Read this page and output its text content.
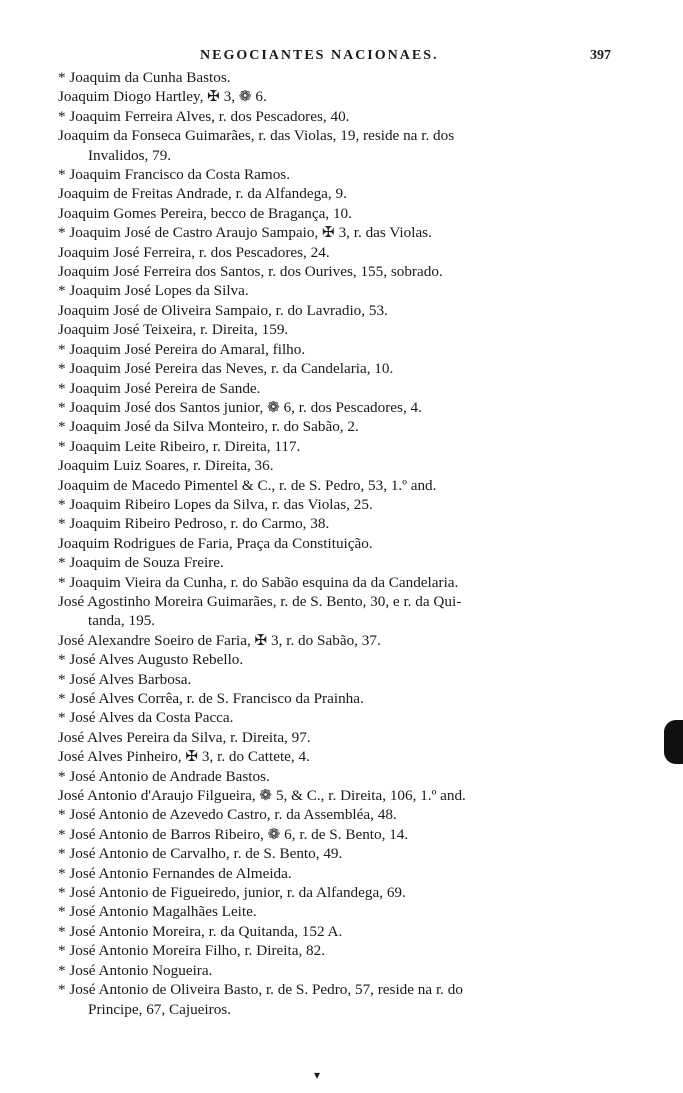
NEGOCIANTES NACIONAES.	397
* Joaquim da Cunha Bastos.
Joaquim Diogo Hartley, ✠ 3, ❁ 6.
* Joaquim Ferreira Alves, r. dos Pescadores, 40.
Joaquim da Fonseca Guimarães, r. das Violas, 19, reside na r. dos
Invalidos, 79.
* Joaquim Francisco da Costa Ramos.
Joaquim de Freitas Andrade, r. da Alfandega, 9.
Joaquim Gomes Pereira, becco de Bragança, 10.
* Joaquim José de Castro Araujo Sampaio, ✠ 3, r. das Violas.
Joaquim José Ferreira, r. dos Pescadores, 24.
Joaquim José Ferreira dos Santos, r. dos Ourives, 155, sobrado.
* Joaquim José Lopes da Silva.
Joaquim José de Oliveira Sampaio, r. do Lavradio, 53.
Joaquim José Teixeira, r. Direita, 159.
* Joaquim José Pereira do Amaral, filho.
* Joaquim José Pereira das Neves, r. da Candelaria, 10.
* Joaquim José Pereira de Sande.
* Joaquim José dos Santos junior, ❁ 6, r. dos Pescadores, 4.
* Joaquim José da Silva Monteiro, r. do Sabão, 2.
* Joaquim Leite Ribeiro, r. Direita, 117.
Joaquim Luiz Soares, r. Direita, 36.
Joaquim de Macedo Pimentel & C., r. de S. Pedro, 53, 1.º and.
* Joaquim Ribeiro Lopes da Silva, r. das Violas, 25.
* Joaquim Ribeiro Pedroso, r. do Carmo, 38.
Joaquim Rodrigues de Faria, Praça da Constituição.
* Joaquim de Souza Freire.
* Joaquim Vieira da Cunha, r. do Sabão esquina da da Candelaria.
José Agostinho Moreira Guimarães, r. de S. Bento, 30, e r. da Qui-
tanda, 195.
José Alexandre Soeiro de Faria, ✠ 3, r. do Sabão, 37.
* José Alves Augusto Rebello.
* José Alves Barbosa.
* José Alves Corrêa, r. de S. Francisco da Prainha.
* José Alves da Costa Pacca.
José Alves Pereira da Silva, r. Direita, 97.
José Alves Pinheiro, ✠ 3, r. do Cattete, 4.
* José Antonio de Andrade Bastos.
José Antonio d'Araujo Filgueira, ❁ 5, & C., r. Direita, 106, 1.º and.
* José Antonio de Azevedo Castro, r. da Assembléa, 48.
* José Antonio de Barros Ribeiro, ❁ 6, r. de S. Bento, 14.
* José Antonio de Carvalho, r. de S. Bento, 49.
* José Antonio Fernandes de Almeida.
* José Antonio de Figueiredo, junior, r. da Alfandega, 69.
* José Antonio Magalhães Leite.
* José Antonio Moreira, r. da Quitanda, 152 A.
* José Antonio Moreira Filho, r. Direita, 82.
* José Antonio Nogueira.
* José Antonio de Oliveira Basto, r. de S. Pedro, 57, reside na r. do
Principe, 67, Cajueiros.
▾
